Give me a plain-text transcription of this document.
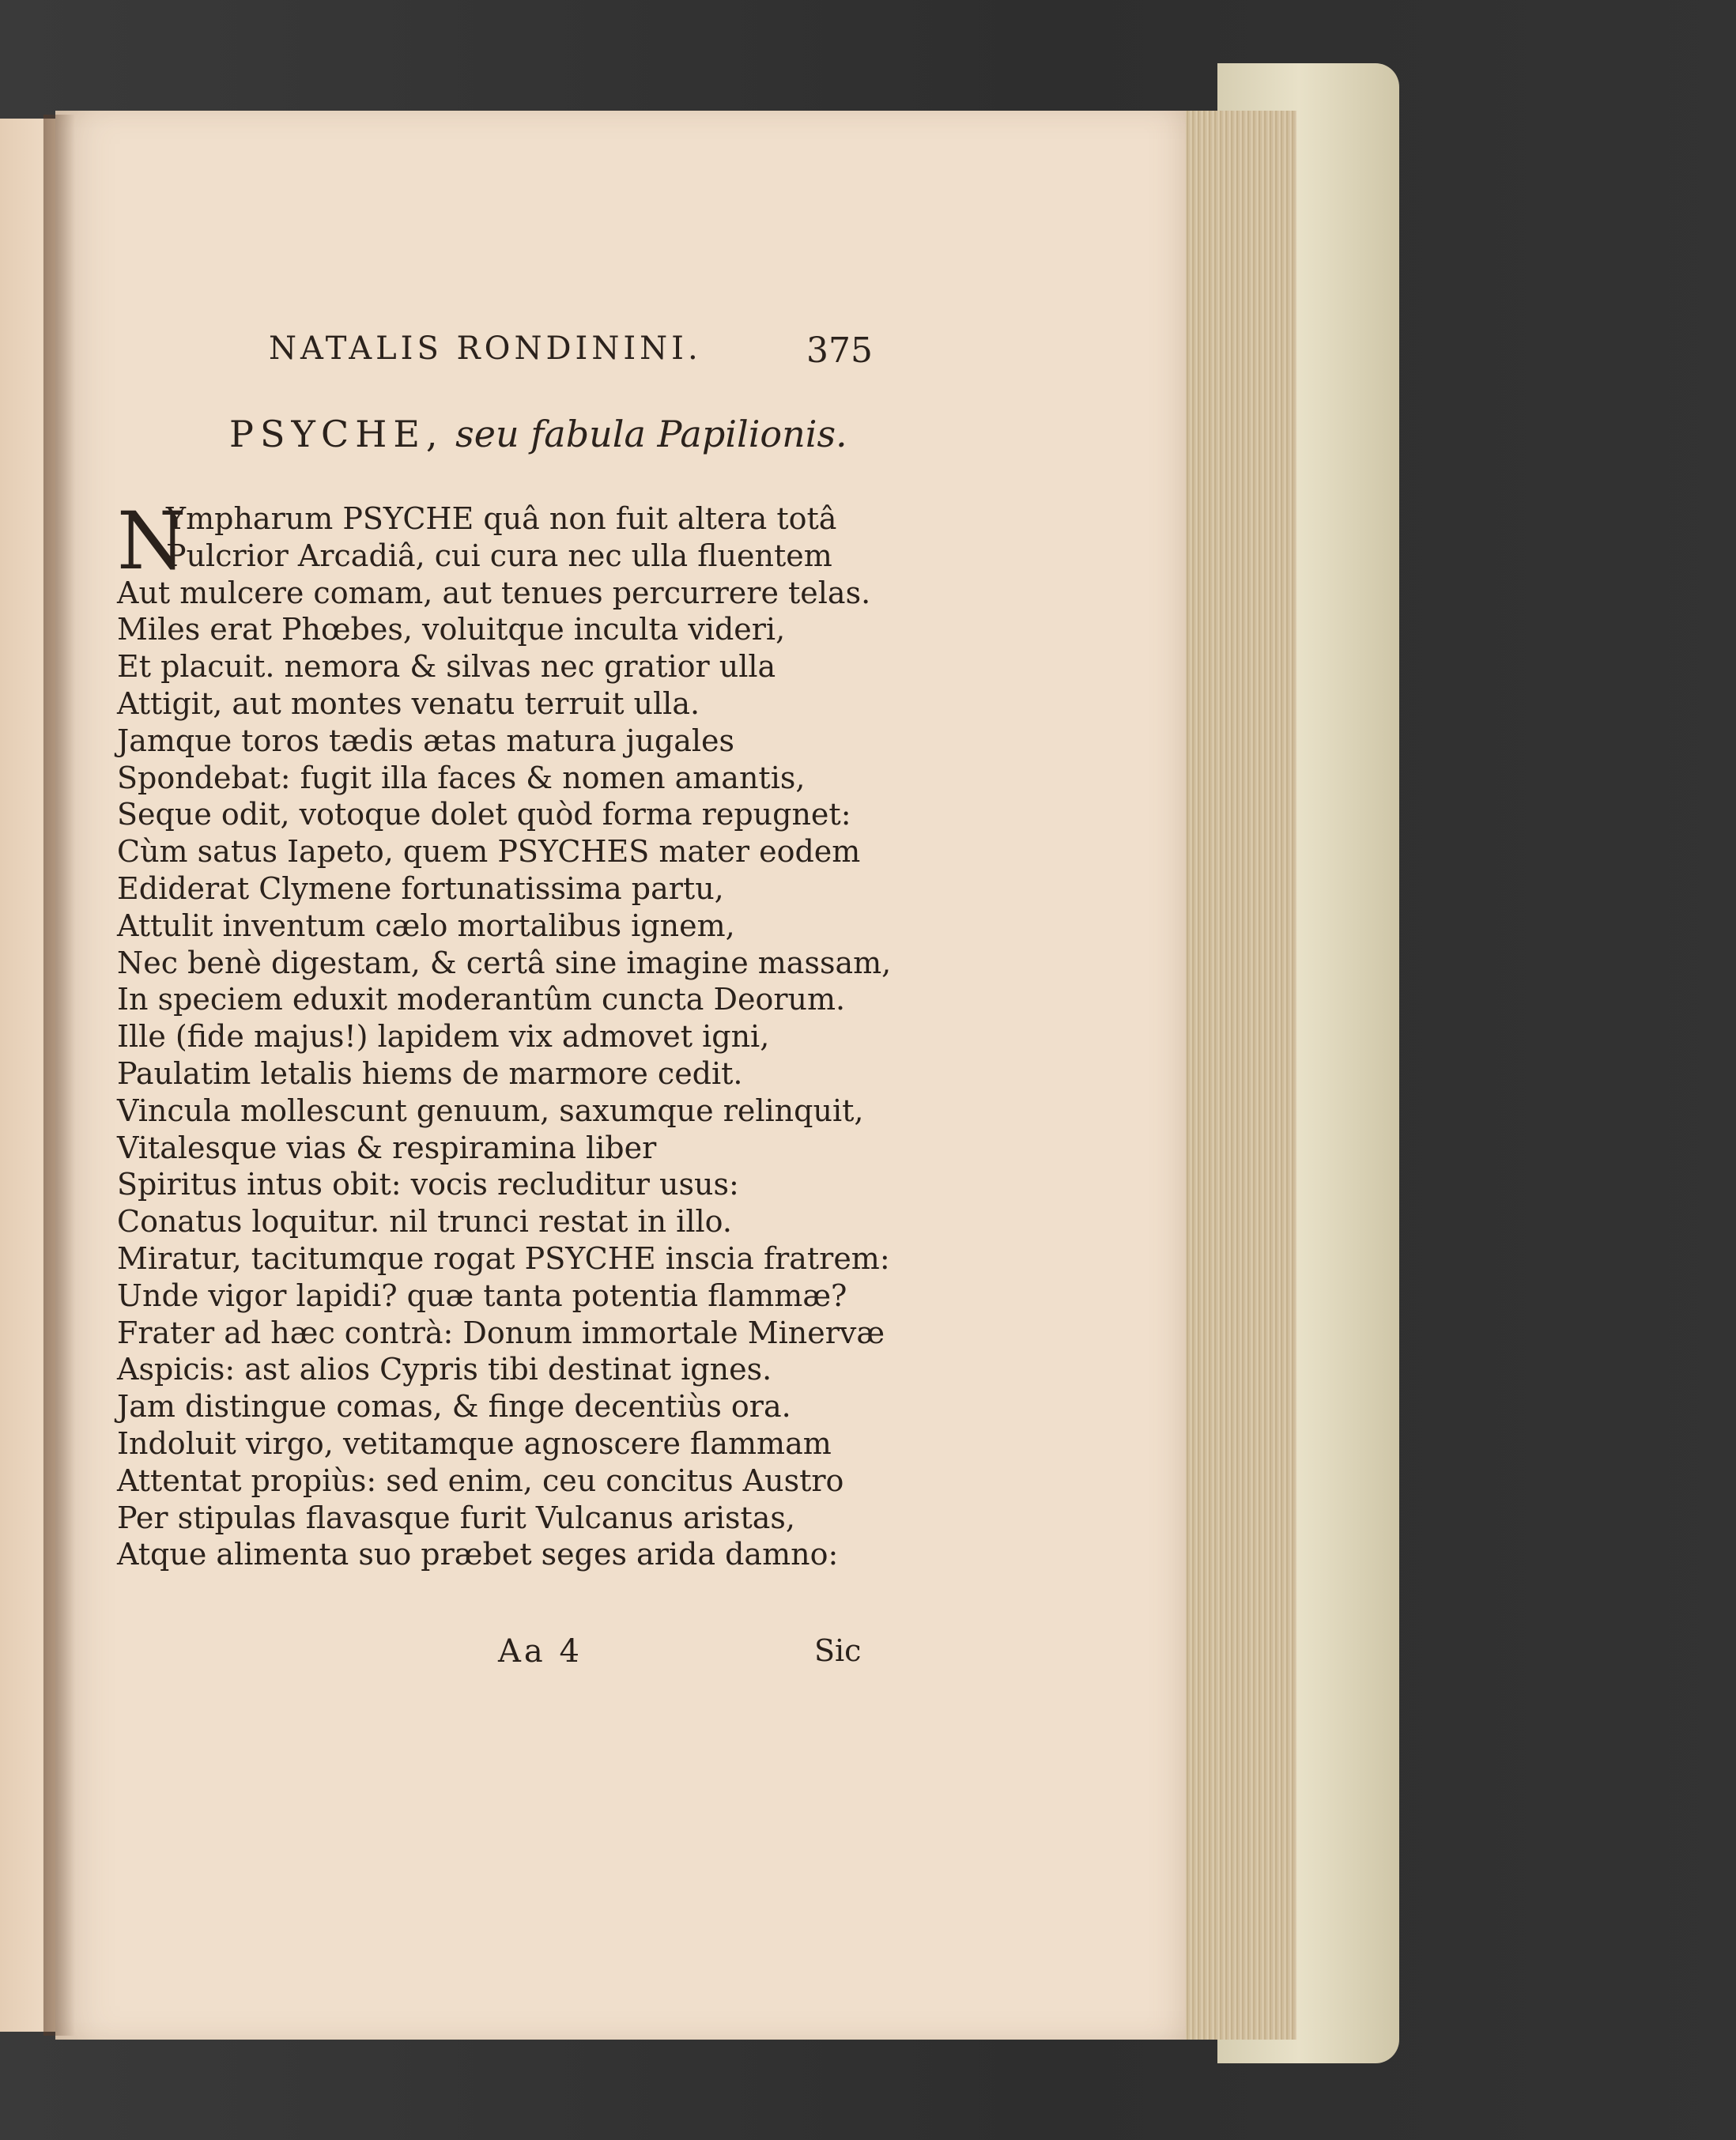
NATALIS RONDININI.	375
PSYCHE, seu fabula Papilionis.
N
Ympharum PSYCHE quâ non fuit altera totâ
Pulcrior Arcadiâ, cui cura nec ulla fluentem
Aut mulcere comam, aut tenues percurrere telas.
Miles erat Phœbes, voluitque inculta videri,
Et placuit. nemora & silvas nec gratior ulla
Attigit, aut montes venatu terruit ulla.
Jamque toros tædis ætas matura jugales
Spondebat: fugit illa faces & nomen amantis,
Seque odit, votoque dolet quòd forma repugnet:
Cùm satus Iapeto, quem PSYCHES mater eodem
Ediderat Clymene fortunatissima partu,
Attulit inventum cælo mortalibus ignem,
Nec benè digestam, & certâ sine imagine massam,
In speciem eduxit moderantûm cuncta Deorum.
Ille (fide majus!) lapidem vix admovet igni,
Paulatim letalis hiems de marmore cedit.
Vincula mollescunt genuum, saxumque relinquit,
Vitalesque vias & respiramina liber
Spiritus intus obit: vocis recluditur usus:
Conatus loquitur. nil trunci restat in illo.
Miratur, tacitumque rogat PSYCHE inscia fratrem:
Unde vigor lapidi? quæ tanta potentia flammæ?
Frater ad hæc contrà: Donum immortale Minervæ
Aspicis: ast alios Cypris tibi destinat ignes.
Jam distingue comas, & finge decentiùs ora.
Indoluit virgo, vetitamque agnoscere flammam
Attentat propiùs: sed enim, ceu concitus Austro
Per stipulas flavasque furit Vulcanus aristas,
Atque alimenta suo præbet seges arida damno:
Aa 4	Sic
